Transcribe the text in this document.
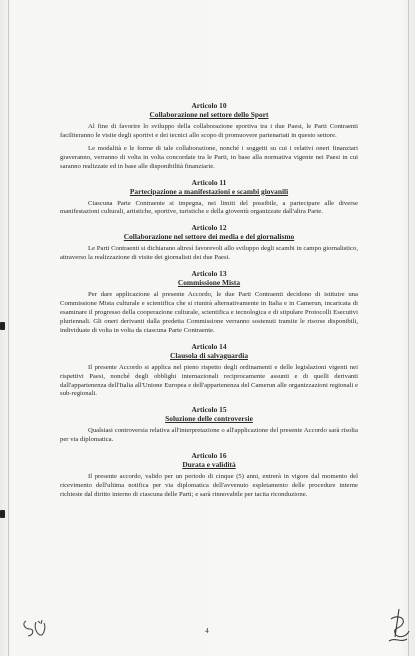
Articolo 10
Collaborazione nel settore dello Sport

Al fine di favorire lo sviluppo della collaborazione sportiva tra i due Paesi, le Parti Contraenti faciliteranno le visite degli sportivi e dei tecnici allo scopo di promuovere partenariati in questo settore.

Le modalità e le forme di tale collaborazione, nonché i soggetti su cui i relativi oneri finanziari graveranno, verranno di volta in volta concordate tra le Parti, in base alla normativa vigente nei Paesi in cui saranno realizzate ed in base alle disponibilità finanziarie.

Articolo 11
Partecipazione a manifestazioni e scambi giovanili

Ciascuna Parte Contraente si impegna, nei limiti del possibile, a partecipare alle diverse manifestazioni culturali, artistiche, sportive, turistiche e della gioventù organizzate dall'altra Parte.

Articolo 12
Collaborazione nel settore dei media e del giornalismo

Le Parti Contraenti si dichiarano altresì favorevoli allo sviluppo degli scambi in campo giornalistico, attraverso la realizzazione di visite dei giornalisti dei due Paesi.

Articolo 13
Commissione Mista

Per dare applicazione al presente Accordo, le due Parti Contraenti decidono di istituire una Commissione Mista culturale e scientifica che si riunirà alternativamente in Italia e in Camerun, incaricata di esaminare il progresso della cooperazione culturale, scientifica e tecnologica e di stipulare Protocolli Esecutivi pluriennali. Gli oneri derivanti dalla predetta Commissione verranno sostenuti tramite le risorse disponibili, individuate di volta in volta da ciascuna Parte Contraente.

Articolo 14
Clausola di salvaguardia

Il presente Accordo si applica nel pieno rispetto degli ordinamenti e delle legislazioni vigenti nei rispettivi Paesi, nonché degli obblighi internazionali reciprocamente assunti e di quelli derivanti dall'appartenenza dell'Italia all'Unione Europea e dell'appartenenza del Camerun alle organizzazioni regionali e sub-regionali.

Articolo 15
Soluzione delle controversie

Qualsiasi controversia relativa all'interpretazione o all'applicazione del presente Accordo sarà risolta per via diplomatica.

Articolo 16
Durata e validità

Il presente accordo, valido per un periodo di cinque (5) anni, entrerà in vigore dal momento del ricevimento dell'ultima notifica per via diplomatica dell'avvenuto espletamento delle procedure interne richieste dal diritto interno di ciascuna delle Parti; e sarà rinnovabile per tacita riconduzione.

4
